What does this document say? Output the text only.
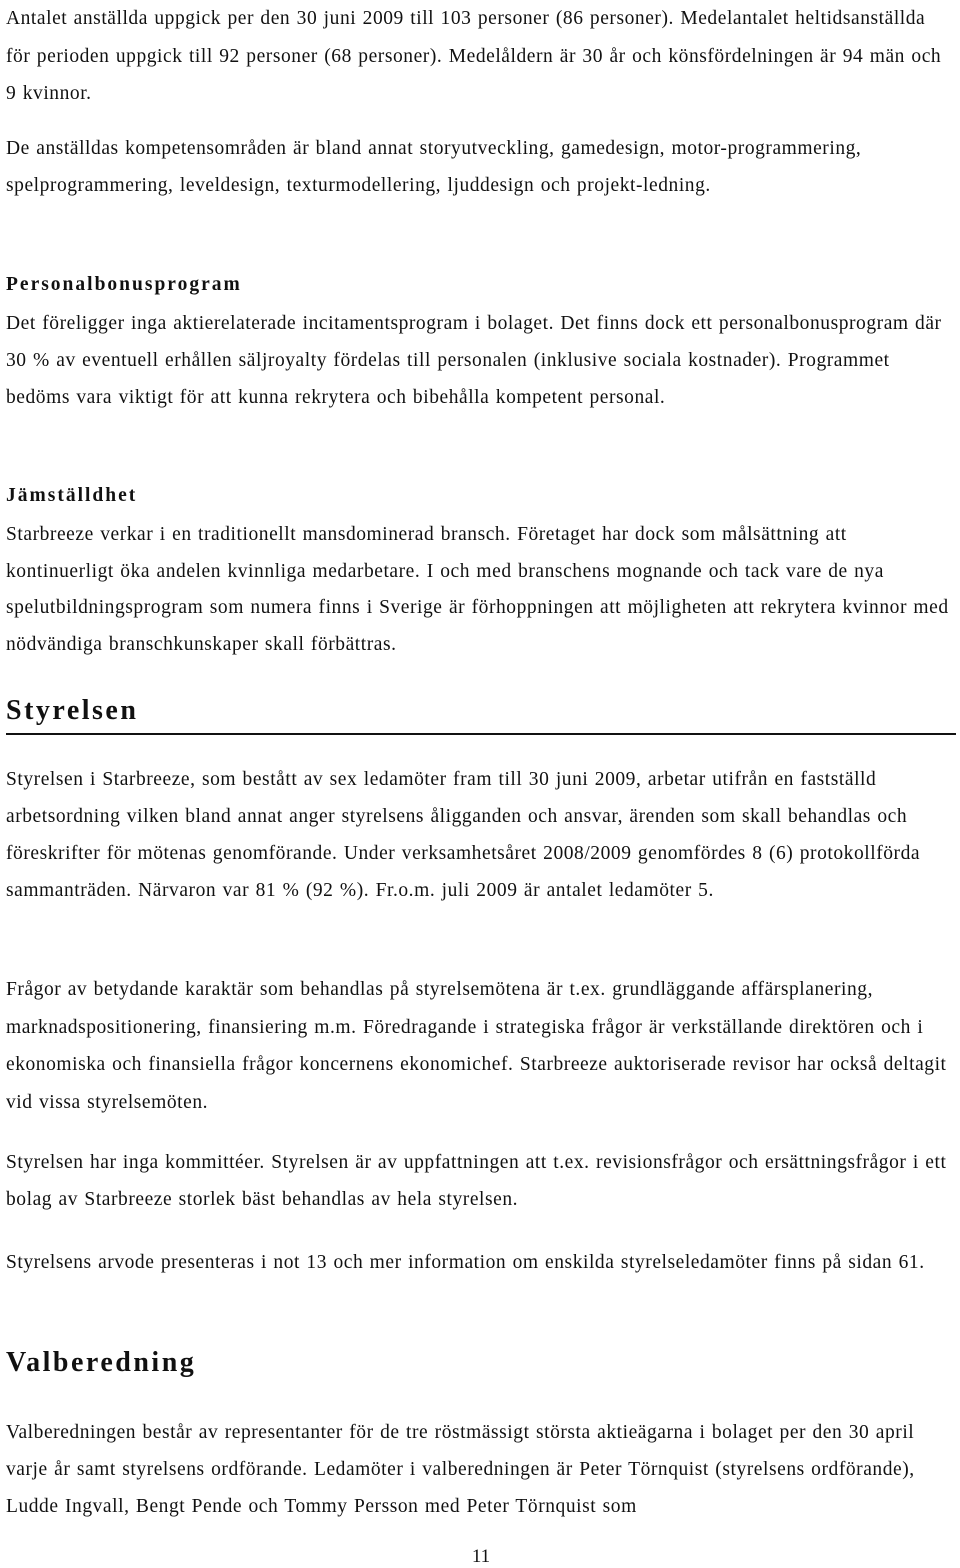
Antalet anställda uppgick per den 30 juni 2009 till 103 personer (86 personer). Medelantalet heltidsanställda för perioden uppgick till 92 personer (68 personer). Medelåldern är 30 år och könsfördelningen är 94 män och 9 kvinnor.

De anställdas kompetensområden är bland annat storyutveckling, gamedesign, motor-programmering, spelprogrammering, leveldesign, texturmodellering, ljuddesign och projekt-ledning.

Personalbonusprogram

Det föreligger inga aktierelaterade incitamentsprogram i bolaget. Det finns dock ett personalbonusprogram där 30 % av eventuell erhållen säljroyalty fördelas till personalen (inklusive sociala kostnader). Programmet bedöms vara viktigt för att kunna rekrytera och bibehålla kompetent personal.

Jämställdhet

Starbreeze verkar i en traditionellt mansdominerad bransch. Företaget har dock som målsättning att kontinuerligt öka andelen kvinnliga medarbetare. I och med branschens mognande och tack vare de nya spelutbildningsprogram som numera finns i Sverige är förhoppningen att möjligheten att rekrytera kvinnor med nödvändiga branschkunskaper skall förbättras.

Styrelsen

Styrelsen i Starbreeze, som bestått av sex ledamöter fram till 30 juni 2009, arbetar utifrån en fastställd arbetsordning vilken bland annat anger styrelsens åligganden och ansvar, ärenden som skall behandlas och föreskrifter för mötenas genomförande. Under verksamhetsåret 2008/2009 genomfördes 8 (6) protokollförda sammanträden. Närvaron var 81 % (92 %). Fr.o.m. juli 2009 är antalet ledamöter 5.

Frågor av betydande karaktär som behandlas på styrelsemötena är t.ex. grundläggande affärsplanering, marknadspositionering, finansiering m.m. Föredragande i strategiska frågor är verkställande direktören och i ekonomiska och finansiella frågor koncernens ekonomichef. Starbreeze auktoriserade revisor har också deltagit vid vissa styrelsemöten.

Styrelsen har inga kommittéer. Styrelsen är av uppfattningen att t.ex. revisionsfrågor och ersättningsfrågor i ett bolag av Starbreeze storlek bäst behandlas av hela styrelsen.

Styrelsens arvode presenteras i not 13 och mer information om enskilda styrelseledamöter finns på sidan 61.

Valberedning

Valberedningen består av representanter för de tre röstmässigt största aktieägarna i bolaget per den 30 april varje år samt styrelsens ordförande. Ledamöter i valberedningen är Peter Törnquist (styrelsens ordförande), Ludde Ingvall, Bengt Pende och Tommy Persson med Peter Törnquist som

11
